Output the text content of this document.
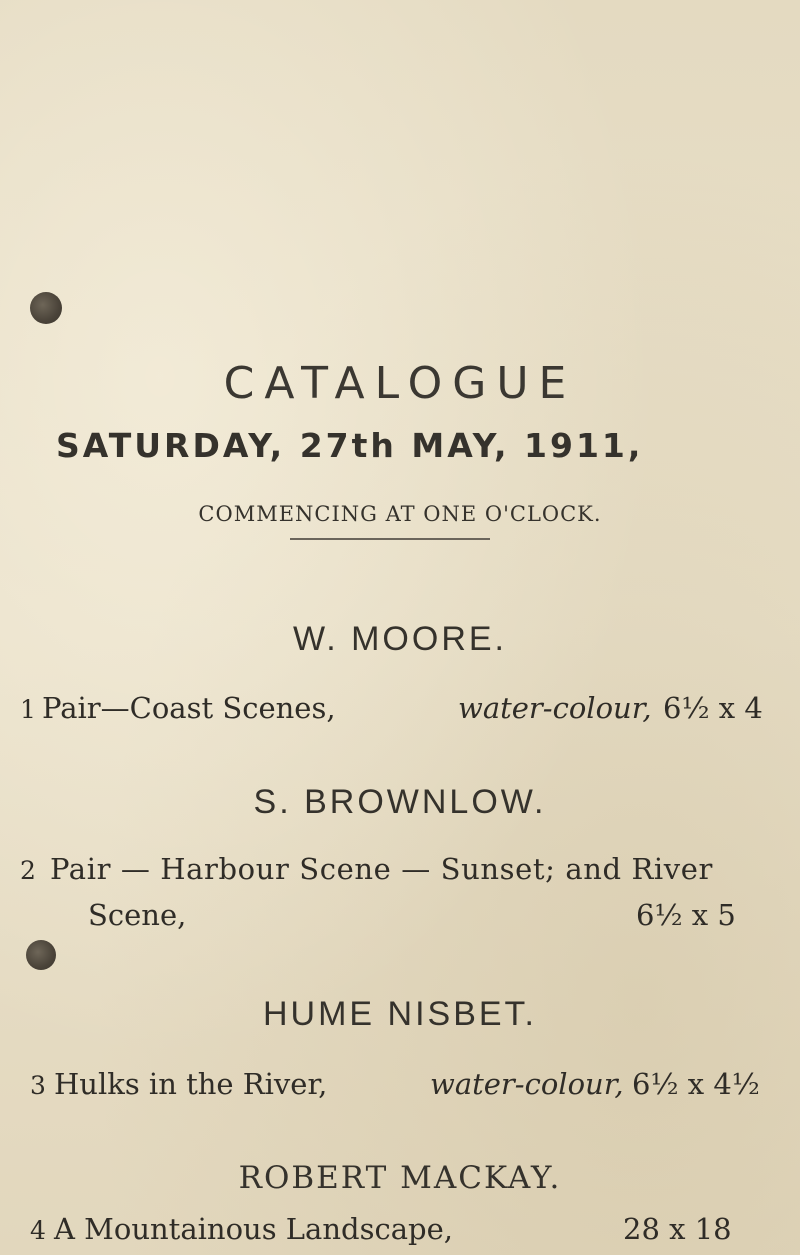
CATALOGUE
SATURDAY, 27th MAY, 1911,
COMMENCING AT ONE O'CLOCK.
W. MOORE.
1 Pair—Coast Scenes,	water-colour, 6½ x 4
S. BROWNLOW.
2 Pair — Harbour Scene — Sunset; and River
Scene,	6½ x 5
HUME NISBET.
3 Hulks in the River,	water-colour, 6½ x 4½
ROBERT MACKAY.
4 A Mountainous Landscape,	28 x 18
